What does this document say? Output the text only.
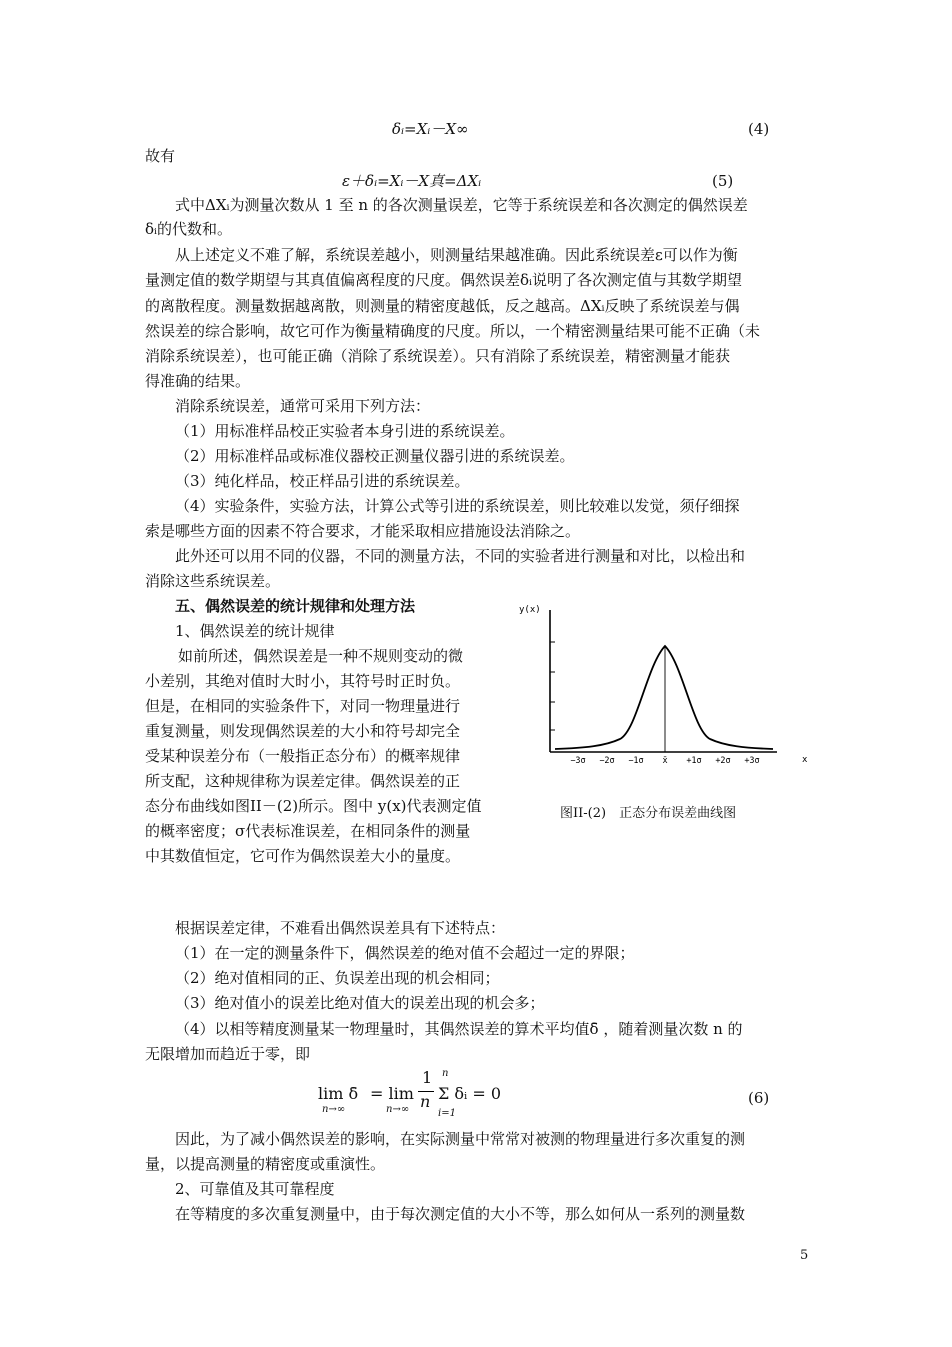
δᵢ=Xᵢ－X∞	(4)
故有
ε＋δᵢ=Xᵢ－X真=ΔXᵢ	(5)
式中ΔXᵢ为测量次数从 1 至 n 的各次测量误差，它等于系统误差和各次测定的偶然误差
δᵢ的代数和。
从上述定义不难了解，系统误差越小，则测量结果越准确。因此系统误差ε可以作为衡
量测定值的数学期望与其真值偏离程度的尺度。偶然误差δᵢ说明了各次测定值与其数学期望
的离散程度。测量数据越离散，则测量的精密度越低，反之越高。ΔXᵢ反映了系统误差与偶
然误差的综合影响，故它可作为衡量精确度的尺度。所以，一个精密测量结果可能不正确（未
消除系统误差），也可能正确（消除了系统误差）。只有消除了系统误差，精密测量才能获
得准确的结果。
消除系统误差，通常可采用下列方法：
（1）用标准样品校正实验者本身引进的系统误差。
（2）用标准样品或标准仪器校正测量仪器引进的系统误差。
（3）纯化样品，校正样品引进的系统误差。
（4）实验条件，实验方法，计算公式等引进的系统误差，则比较难以发觉，须仔细探
索是哪些方面的因素不符合要求，才能采取相应措施设法消除之。
此外还可以用不同的仪器，不同的测量方法，不同的实验者进行测量和对比，以检出和
消除这些系统误差。
五、偶然误差的统计规律和处理方法
1、偶然误差的统计规律
如前所述，偶然误差是一种不规则变动的微
小差别，其绝对值时大时小，其符号时正时负。
但是，在相同的实验条件下，对同一物理量进行
重复测量，则发现偶然误差的大小和符号却完全
受某种误差分布（一般指正态分布）的概率规律
所支配，这种规律称为误差定律。偶然误差的正
态分布曲线如图II－(2)所示。图中 y(x)代表测定值
的概率密度；σ代表标准误差，在相同条件的测量
中其数值恒定，它可作为偶然误差大小的量度。
y(x)
x
−3σ −2σ −1σ x̄ +1σ +2σ +3σ
图II-(2)　正态分布误差曲线图
根据误差定律，不难看出偶然误差具有下述特点：
（1）在一定的测量条件下，偶然误差的绝对值不会超过一定的界限；
（2）绝对值相同的正、负误差出现的机会相同；
（3）绝对值小的误差比绝对值大的误差出现的机会多；
（4）以相等精度测量某一物理量时，其偶然误差的算术平均值δ̄ ，随着测量次数 n 的
无限增加而趋近于零，即
lim δ̄
n→∞
= lim
n→∞
1
n
n
Σ δᵢ = 0
i=1
(6)
因此，为了减小偶然误差的影响，在实际测量中常常对被测的物理量进行多次重复的测
量，以提高测量的精密度或重演性。
2、可靠值及其可靠程度
在等精度的多次重复测量中，由于每次测定值的大小不等，那么如何从一系列的测量数
5
